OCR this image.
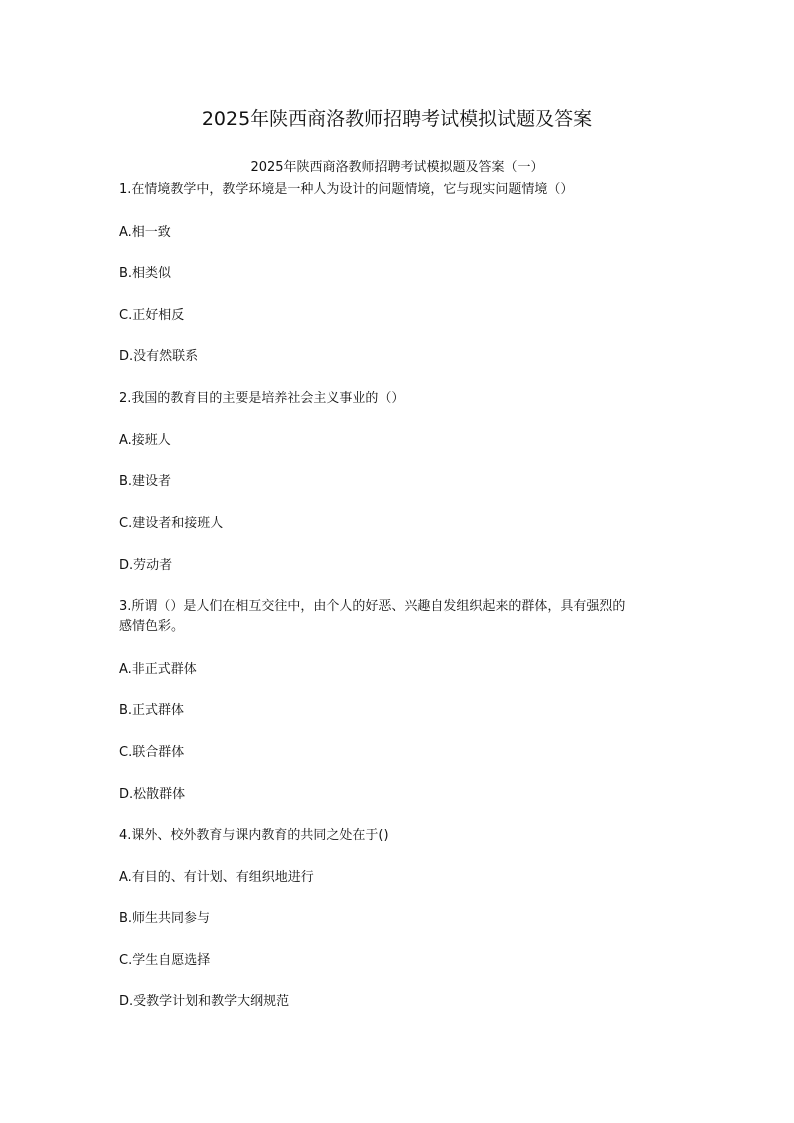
2025年陕西商洛教师招聘考试模拟试题及答案

2025年陕西商洛教师招聘考试模拟题及答案（一）

1.在情境教学中，教学环境是一种人为设计的问题情境，它与现实问题情境（）

A.相一致

B.相类似

C.正好相反

D.没有然联系

2.我国的教育目的主要是培养社会主义事业的（）

A.接班人

B.建设者

C.建设者和接班人

D.劳动者

3.所谓（）是人们在相互交往中，由个人的好恶、兴趣自发组织起来的群体，具有强烈的

感情色彩。

A.非正式群体

B.正式群体

C.联合群体

D.松散群体

4.课外、校外教育与课内教育的共同之处在于()

A.有目的、有计划、有组织地进行

B.师生共同参与

C.学生自愿选择

D.受教学计划和教学大纲规范
